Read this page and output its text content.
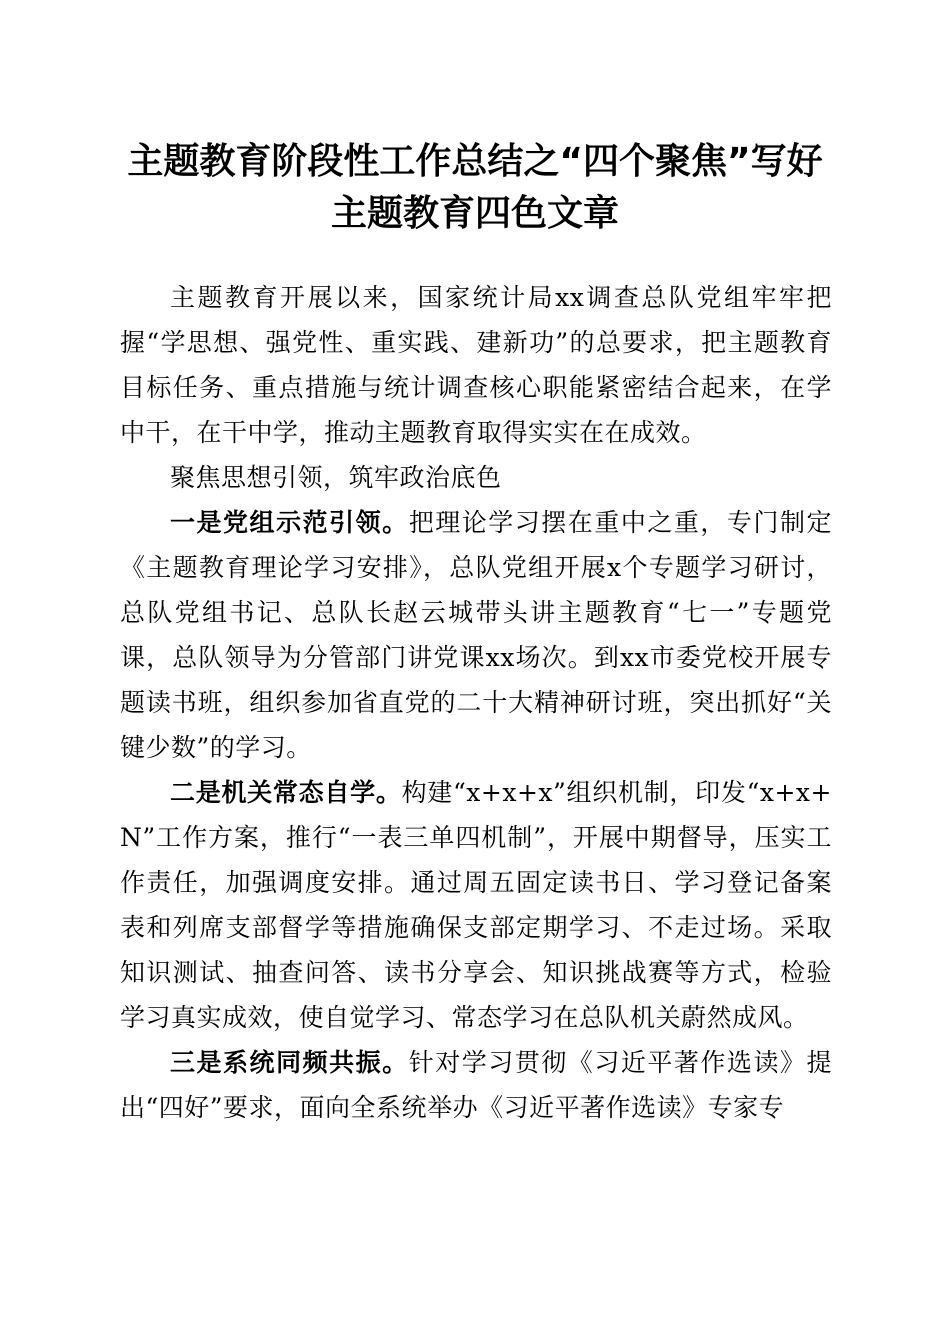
主题教育阶段性工作总结之“四个聚焦”写好
主题教育四色文章

主题教育开展以来，国家统计局xx调查总队党组牢牢把握“学思想、强党性、重实践、建新功”的总要求，把主题教育目标任务、重点措施与统计调查核心职能紧密结合起来，在学中干，在干中学，推动主题教育取得实实在在成效。

聚焦思想引领，筑牢政治底色

一是党组示范引领。把理论学习摆在重中之重，专门制定《主题教育理论学习安排》，总队党组开展x个专题学习研讨，总队党组书记、总队长赵云城带头讲主题教育“七一”专题党课，总队领导为分管部门讲党课xx场次。到xx市委党校开展专题读书班，组织参加省直党的二十大精神研讨班，突出抓好“关键少数”的学习。

二是机关常态自学。构建“x+x+x”组织机制，印发“x+x+N”工作方案，推行“一表三单四机制”，开展中期督导，压实工作责任，加强调度安排。通过周五固定读书日、学习登记备案表和列席支部督学等措施确保支部定期学习、不走过场。采取知识测试、抽查问答、读书分享会、知识挑战赛等方式，检验学习真实成效，使自觉学习、常态学习在总队机关蔚然成风。

三是系统同频共振。针对学习贯彻《习近平著作选读》提出“四好”要求，面向全系统举办《习近平著作选读》专家专
